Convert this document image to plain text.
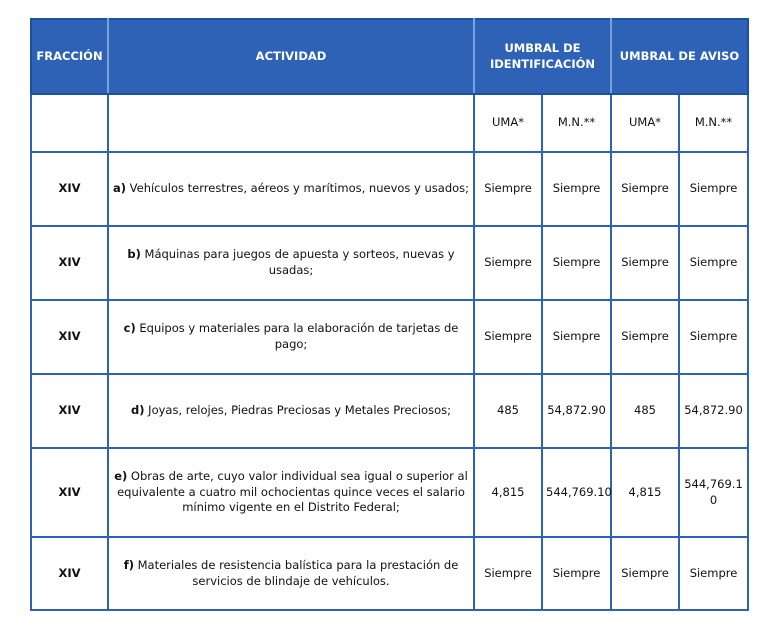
FRACCIÓN	ACTIVIDAD	UMBRAL DE IDENTIFICACIÓN		UMBRAL DE AVISO	
		UMA*	M.N.**	UMA*	M.N.**
XIV	a) Vehículos terrestres, aéreos y marítimos, nuevos y usados;	Siempre	Siempre	Siempre	Siempre
XIV	b) Máquinas para juegos de apuesta y sorteos, nuevas y usadas;	Siempre	Siempre	Siempre	Siempre
XIV	c) Equipos y materiales para la elaboración de tarjetas de pago;	Siempre	Siempre	Siempre	Siempre
XIV	d) Joyas, relojes, Piedras Preciosas y Metales Preciosos;	485	54,872.90	485	54,872.90
XIV	e) Obras de arte, cuyo valor individual sea igual o superior al equivalente a cuatro mil ochocientas quince veces el salario mínimo vigente en el Distrito Federal;	4,815	544,769.10	4,815	544,769.10
XIV	f) Materiales de resistencia balística para la prestación de servicios de blindaje de vehículos.	Siempre	Siempre	Siempre	Siempre
